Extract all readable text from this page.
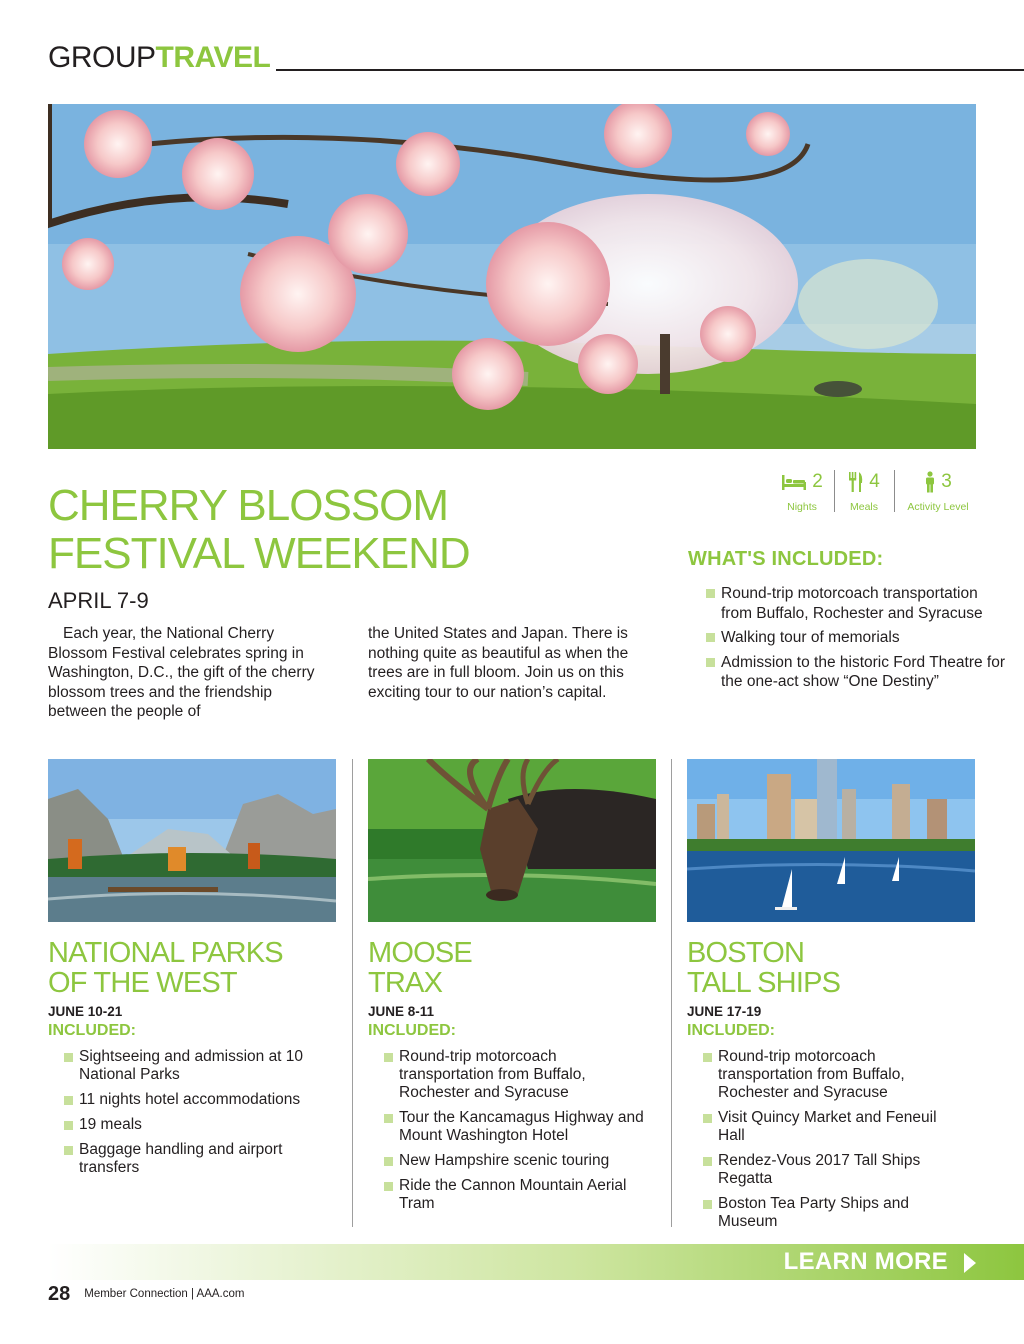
GROUPTRAVEL
CHERRY BLOSSOM
FESTIVAL WEEKEND
APRIL 7-9

Each year, the National Cherry Blossom Festival celebrates spring in Washington, D.C., the gift of the cherry blossom trees and the friendship between the people of

the United States and Japan. There is nothing quite as beautiful as when the trees are in full bloom. Join us on this exciting tour to our nation’s capital.

2
Nights
4
Meals
3
Activity Level
WHAT'S INCLUDED:
Round-trip motorcoach transportation from Buffalo, Rochester and Syracuse
Walking tour of memorials
Admission to the historic Ford Theatre for the one-act show “One Destiny”
NATIONAL PARKS
OF THE WEST
JUNE 10-21
INCLUDED:
Sightseeing and admission at 10 National Parks
11 nights hotel accommodations
19 meals
Baggage handling and airport transfers
MOOSE
TRAX
JUNE 8-11
INCLUDED:
Round-trip motorcoach transportation from Buffalo, Rochester and Syracuse
Tour the Kancamagus Highway and Mount Washington Hotel
New Hampshire scenic touring
Ride the Cannon Mountain Aerial Tram
BOSTON
TALL SHIPS
JUNE 17-19
INCLUDED:
Round-trip motorcoach transportation from Buffalo, Rochester and Syracuse
Visit Quincy Market and Feneuil Hall
Rendez-Vous 2017 Tall Ships Regatta
Boston Tea Party Ships and Museum
LEARN MORE
28 Member Connection | AAA.com
